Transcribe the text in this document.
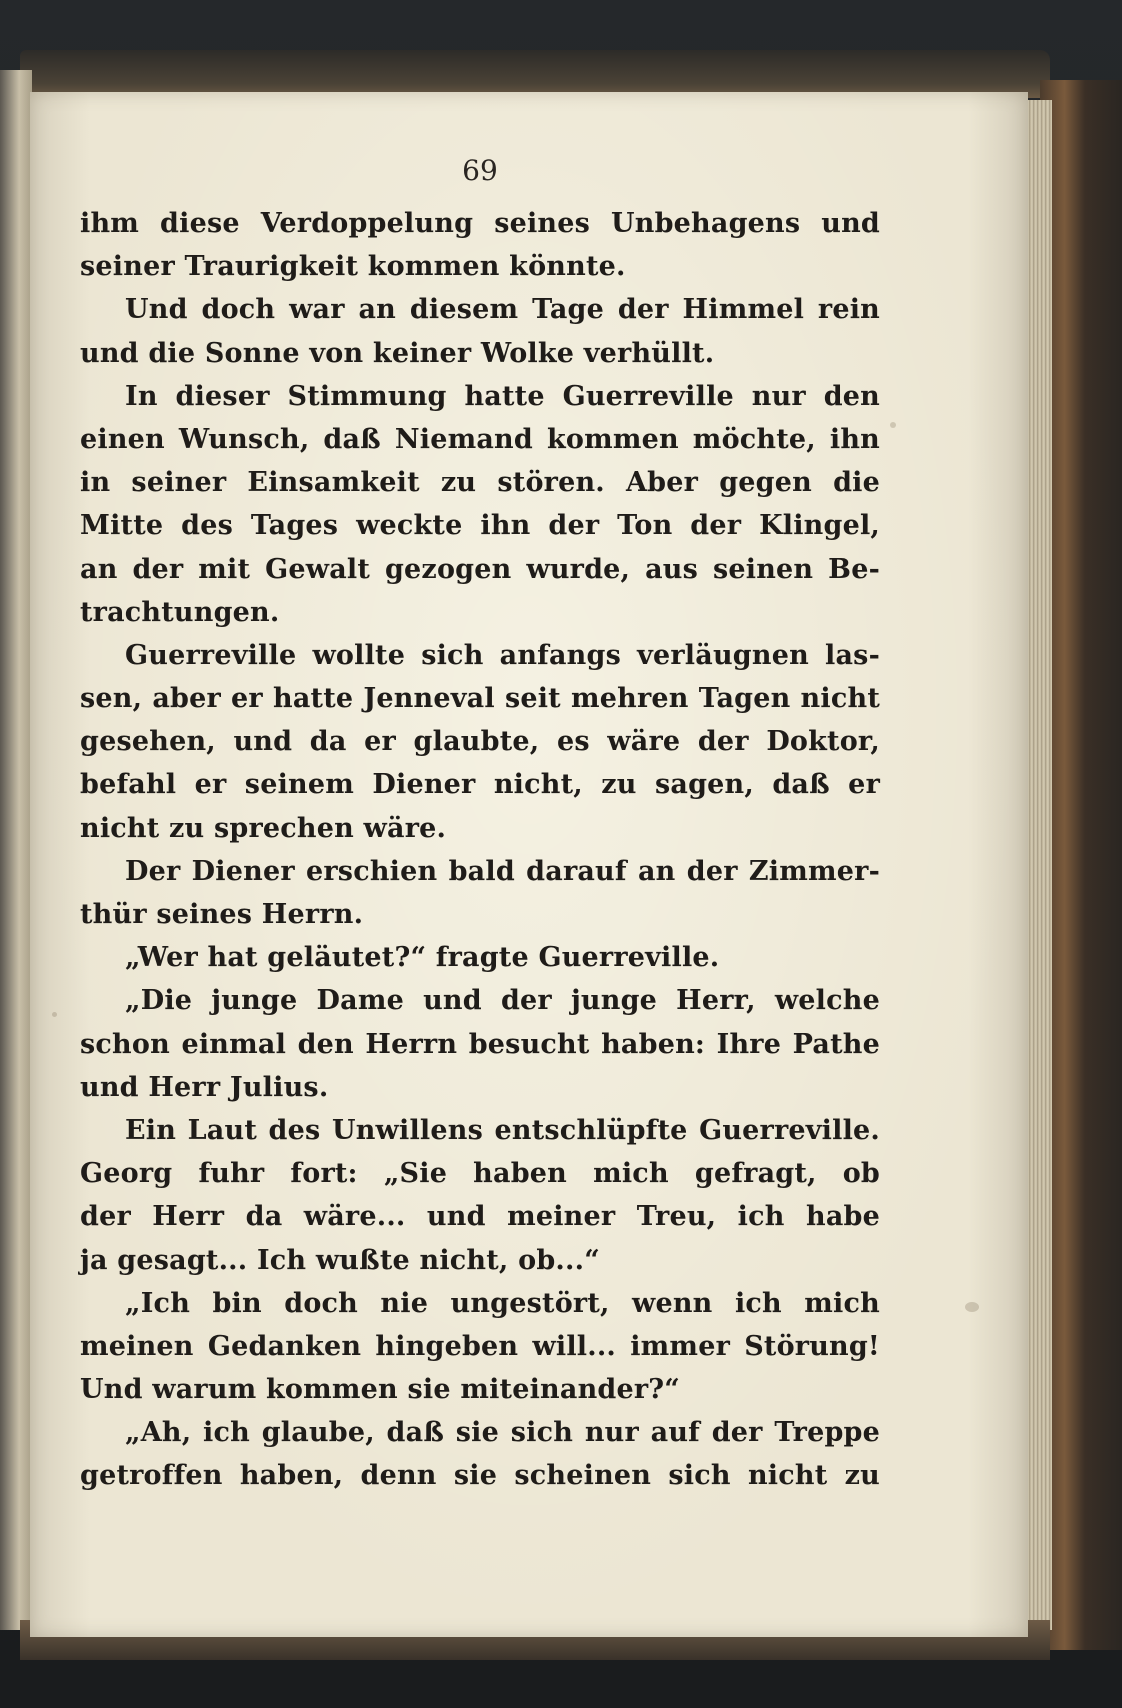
69
ihm diese Verdoppelung seines Unbehagens und
seiner Traurigkeit kommen könnte.
Und doch war an diesem Tage der Himmel rein
und die Sonne von keiner Wolke verhüllt.
In dieser Stimmung hatte Guerreville nur den
einen Wunsch, daß Niemand kommen möchte, ihn
in seiner Einsamkeit zu stören. Aber gegen die
Mitte des Tages weckte ihn der Ton der Klingel,
an der mit Gewalt gezogen wurde, aus seinen Be-
trachtungen.
Guerreville wollte sich anfangs verläugnen las-
sen, aber er hatte Jenneval seit mehren Tagen nicht
gesehen, und da er glaubte, es wäre der Doktor,
befahl er seinem Diener nicht, zu sagen, daß er
nicht zu sprechen wäre.
Der Diener erschien bald darauf an der Zimmer-
thür seines Herrn.
„Wer hat geläutet?“ fragte Guerreville.
„Die junge Dame und der junge Herr, welche
schon einmal den Herrn besucht haben: Ihre Pathe
und Herr Julius.
Ein Laut des Unwillens entschlüpfte Guerreville.
Georg fuhr fort: „Sie haben mich gefragt, ob
der Herr da wäre... und meiner Treu, ich habe
ja gesagt... Ich wußte nicht, ob...“
„Ich bin doch nie ungestört, wenn ich mich
meinen Gedanken hingeben will... immer Störung!
Und warum kommen sie miteinander?“
„Ah, ich glaube, daß sie sich nur auf der Treppe
getroffen haben, denn sie scheinen sich nicht zu
